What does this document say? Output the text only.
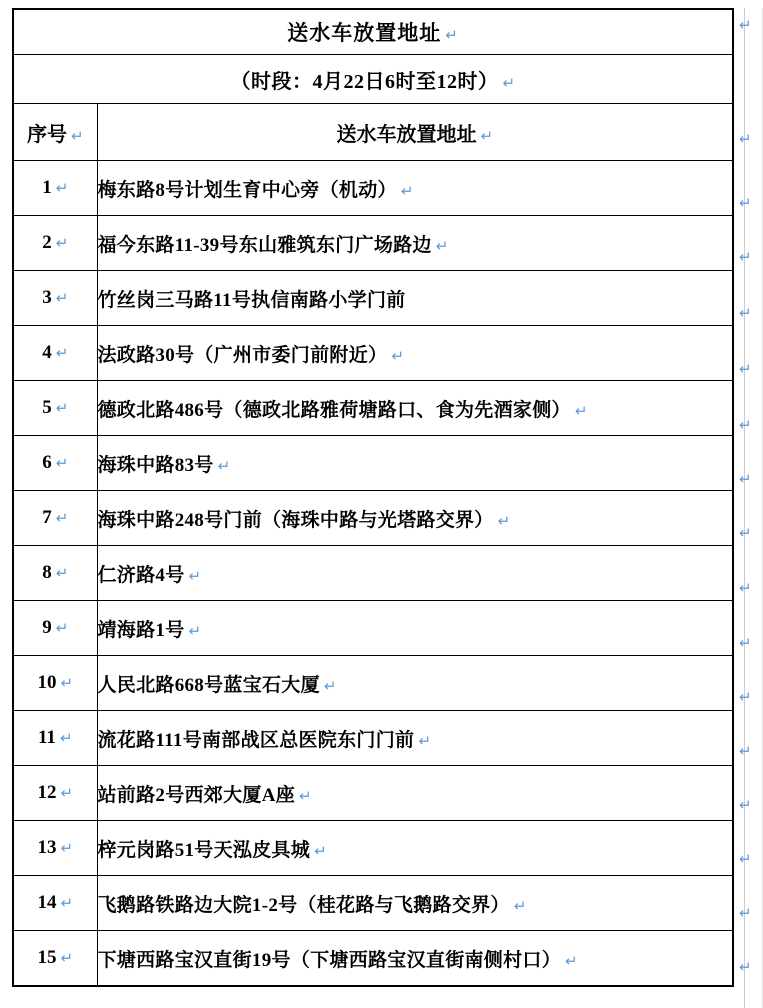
送水车放置地址 ↵	
（时段：4月22日6时至12时） ↵	
序号 ↵	送水车放置地址 ↵
1 ↵	梅东路8号计划生育中心旁（机动） ↵
2 ↵	福今东路11-39号东山雅筑东门广场路边 ↵
3 ↵	竹丝岗三马路11号执信南路小学门前
4 ↵	法政路30号（广州市委门前附近） ↵
5 ↵	德政北路486号（德政北路雅荷塘路口、食为先酒家侧） ↵
6 ↵	海珠中路83号 ↵
7 ↵	海珠中路248号门前（海珠中路与光塔路交界） ↵
8 ↵	仁济路4号 ↵
9 ↵	靖海路1号 ↵
10 ↵	人民北路668号蓝宝石大厦 ↵
11 ↵	流花路111号南部战区总医院东门门前 ↵
12 ↵	站前路2号西郊大厦A座 ↵
13 ↵	梓元岗路51号天泓皮具城 ↵
14 ↵	飞鹅路铁路边大院1-2号（桂花路与飞鹅路交界） ↵
15 ↵	下塘西路宝汉直街19号（下塘西路宝汉直街南侧村口） ↵
↵
↵
↵
↵
↵
↵
↵
↵
↵
↵
↵
↵
↵
↵
↵
↵
↵
